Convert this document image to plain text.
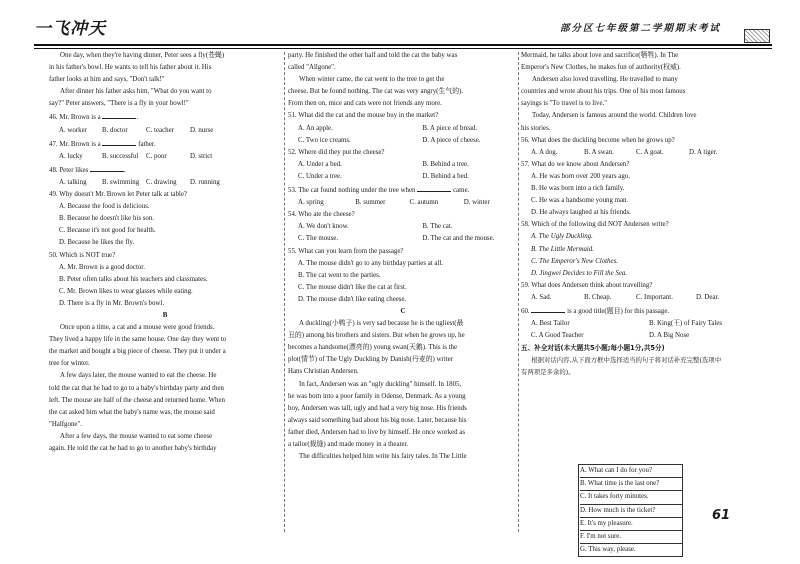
一飞冲天	部分区七年级第二学期期末考试

One day, when they're having dinner, Peter sees a fly(苍蝇)

in his father's bowl. He wants to tell his father about it. His

father looks at him and says, "Don't talk!"

After dinner his father asks him, "What do you want to

say?" Peter answers, "There is a fly in your bowl!"

46. Mr. Brown is a	.

A. worker	B. doctor	C. teacher	D. nurse

47. Mr. Brown is a	father.

A. lucky	B. successful	C. poor	D. strict

48. Peter likes	.

A. talking	B. swimming C. drawing	D. running

49. Why doesn't Mr. Brown let Peter talk at table?

A. Because the food is delicious.

B. Because he doesn't like his son.

C. Because it's not good for health.

D. Because he likes the fly.

50. Which is NOT true?

A. Mr. Brown is a good doctor.

B. Peter often talks about his teachers and classmates.

C. Mr. Brown likes to wear glasses while eating.

D. There is a fly in Mr. Brown's bowl.

B

Once upon a time, a cat and a mouse were good friends.

They lived a happy life in the same house. One day they went to

the market and bought a big piece of cheese. They put it under a

tree for winter.

A few days later, the mouse wanted to eat the cheese. He

told the cat that he had to go to a baby's birthday party and then

left. The mouse ate half of the cheese and returned home. When

the cat asked him what the baby's name was, the mouse said

"Halfgone".

After a few days, the mouse wanted to eat some cheese

again. He told the cat he had to go to another baby's birthday

party. He finished the other half and told the cat the baby was

called "Allgone".

When winter came, the cat went to the tree to get the

cheese. But he found nothing. The cat was very angry(生气的).

From then on, mice and cats were not friends any more.

51. What did the cat and the mouse buy in the market?

A. An apple.	B. A piece of bread.
C. Two ice creams.	D. A piece of cheese.

52. Where did they put the cheese?

A. Under a bed.	B. Behind a tree.
C. Under a tree.	D. Behind a bed.

53. The cat found nothing under the tree when	came.

A. spring	B. summer	C. autumn	D. winter

54. Who ate the cheese?

A. We don't know.	B. The cat.
C. The mouse.	D. The cat and the mouse.

55. What can you learn from the passage?

A. The mouse didn't go to any birthday parties at all.

B. The cat went to the parties.

C. The mouse didn't like the cat at first.

D. The mouse didn't like eating cheese.

C

A duckling(小鸭子) is very sad because he is the ugliest(最

丑的) among his brothers and sisters. But when he grows up, he

becomes a handsome(漂亮的) young swan(天鹅). This is the

plot(情节) of The Ugly Duckling by Danish(丹麦的) writer

Hans Christian Andersen.

In fact, Andersen was an "ugly duckling" himself. In 1805,

he was born into a poor family in Odense, Denmark. As a young

boy, Andersen was tall, ugly and had a very big nose. His friends

always said something bad about his big nose. Later, because his

father died, Andersen had to live by himself. He once worked as

a tailor(裁缝) and made money in a theater.

The difficulties helped him write his fairy tales. In The Little

Mermaid, he talks about love and sacrifice(牺牲). In The

Emperor's New Clothes, he makes fun of authority(权威).

Andersen also loved travelling. He travelled to many

countries and wrote about his trips. One of his most famous

sayings is "To travel is to live."

Today, Andersen is famous around the world. Children love

his stories.

56. What does the duckling become when he grows up?

A. A dog.	B. A swan.	C. A goat.	D. A tiger.

57. What do we know about Andersen?

A. He was born over 200 years ago.

B. He was born into a rich family.

C. He was a handsome young man.

D. He always laughed at his friends.

58. Which of the following did NOT Andersen write?

A. The Ugly Duckling.

B. The Little Mermaid.

C. The Emperor's New Clothes.

D. Jingwei Decides to Fill the Sea.

59. What does Andersen think about travelling?

A. Sad.	B. Cheap.	C. Important.	D. Dear.

60.	is a good title(题目) for this passage.

A. Best Tailor	B. King(王) of Fairy Tales
C. A Good Teacher	D. A Big Nose

五、补全对话(本大题共5小题;每小题1分,共5分)

根据对话内容,从下面方框中选择适当的句子将对话补充完整(选项中

有两项是多余的)。

A. What can I do for you?
B. What time is the last one?
C. It takes forty minutes.
D. How much is the ticket?
E. It's my pleasure.
F. I'm not sure.
G. This way, please.
61
